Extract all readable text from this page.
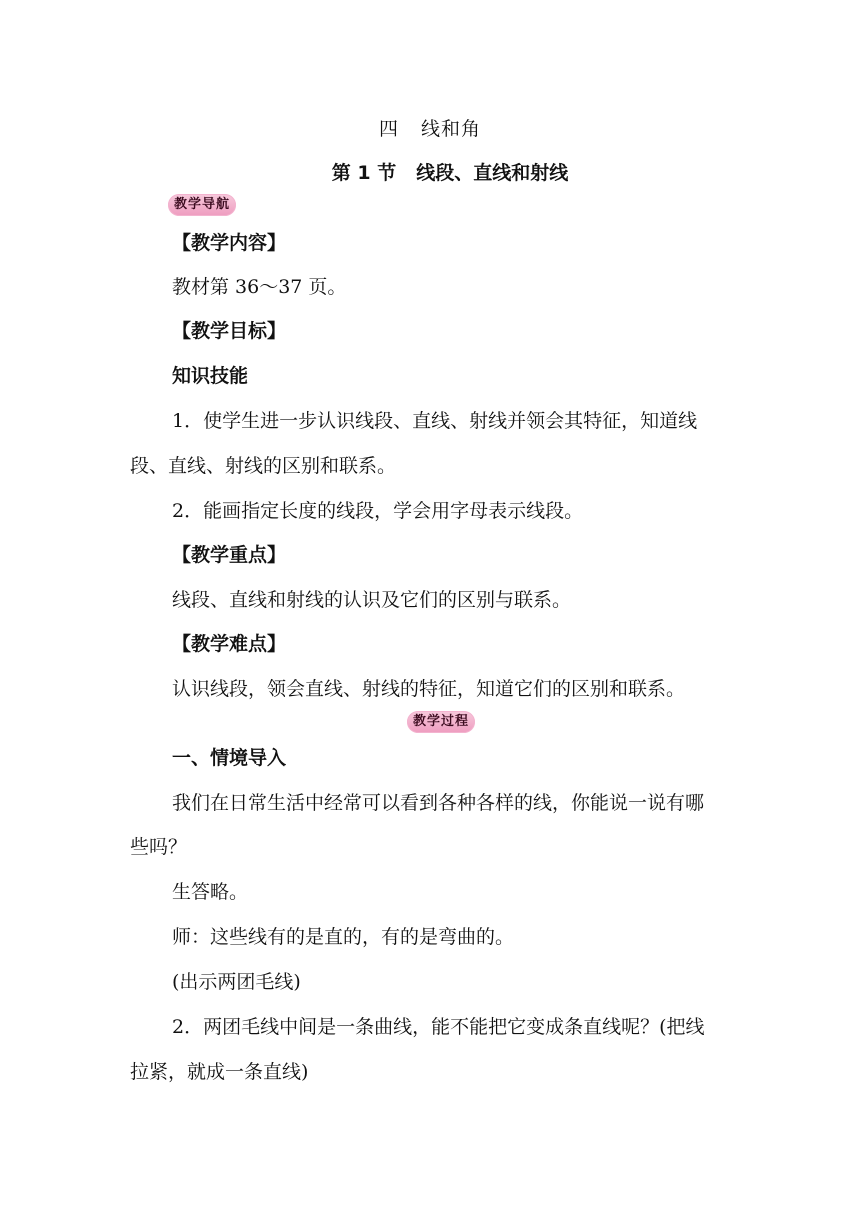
四 线和角
第 1 节 线段、直线和射线
教学导航
【教学内容】
教材第 36～37 页。
【教学目标】
知识技能
1．使学生进一步认识线段、直线、射线并领会其特征，知道线
段、直线、射线的区别和联系。
2．能画指定长度的线段，学会用字母表示线段。
【教学重点】
线段、直线和射线的认识及它们的区别与联系。
【教学难点】
认识线段，领会直线、射线的特征，知道它们的区别和联系。
教学过程
一、情境导入
我们在日常生活中经常可以看到各种各样的线，你能说一说有哪
些吗？
生答略。
师：这些线有的是直的，有的是弯曲的。
(出示两团毛线)
2．两团毛线中间是一条曲线，能不能把它变成条直线呢？(把线
拉紧，就成一条直线)
